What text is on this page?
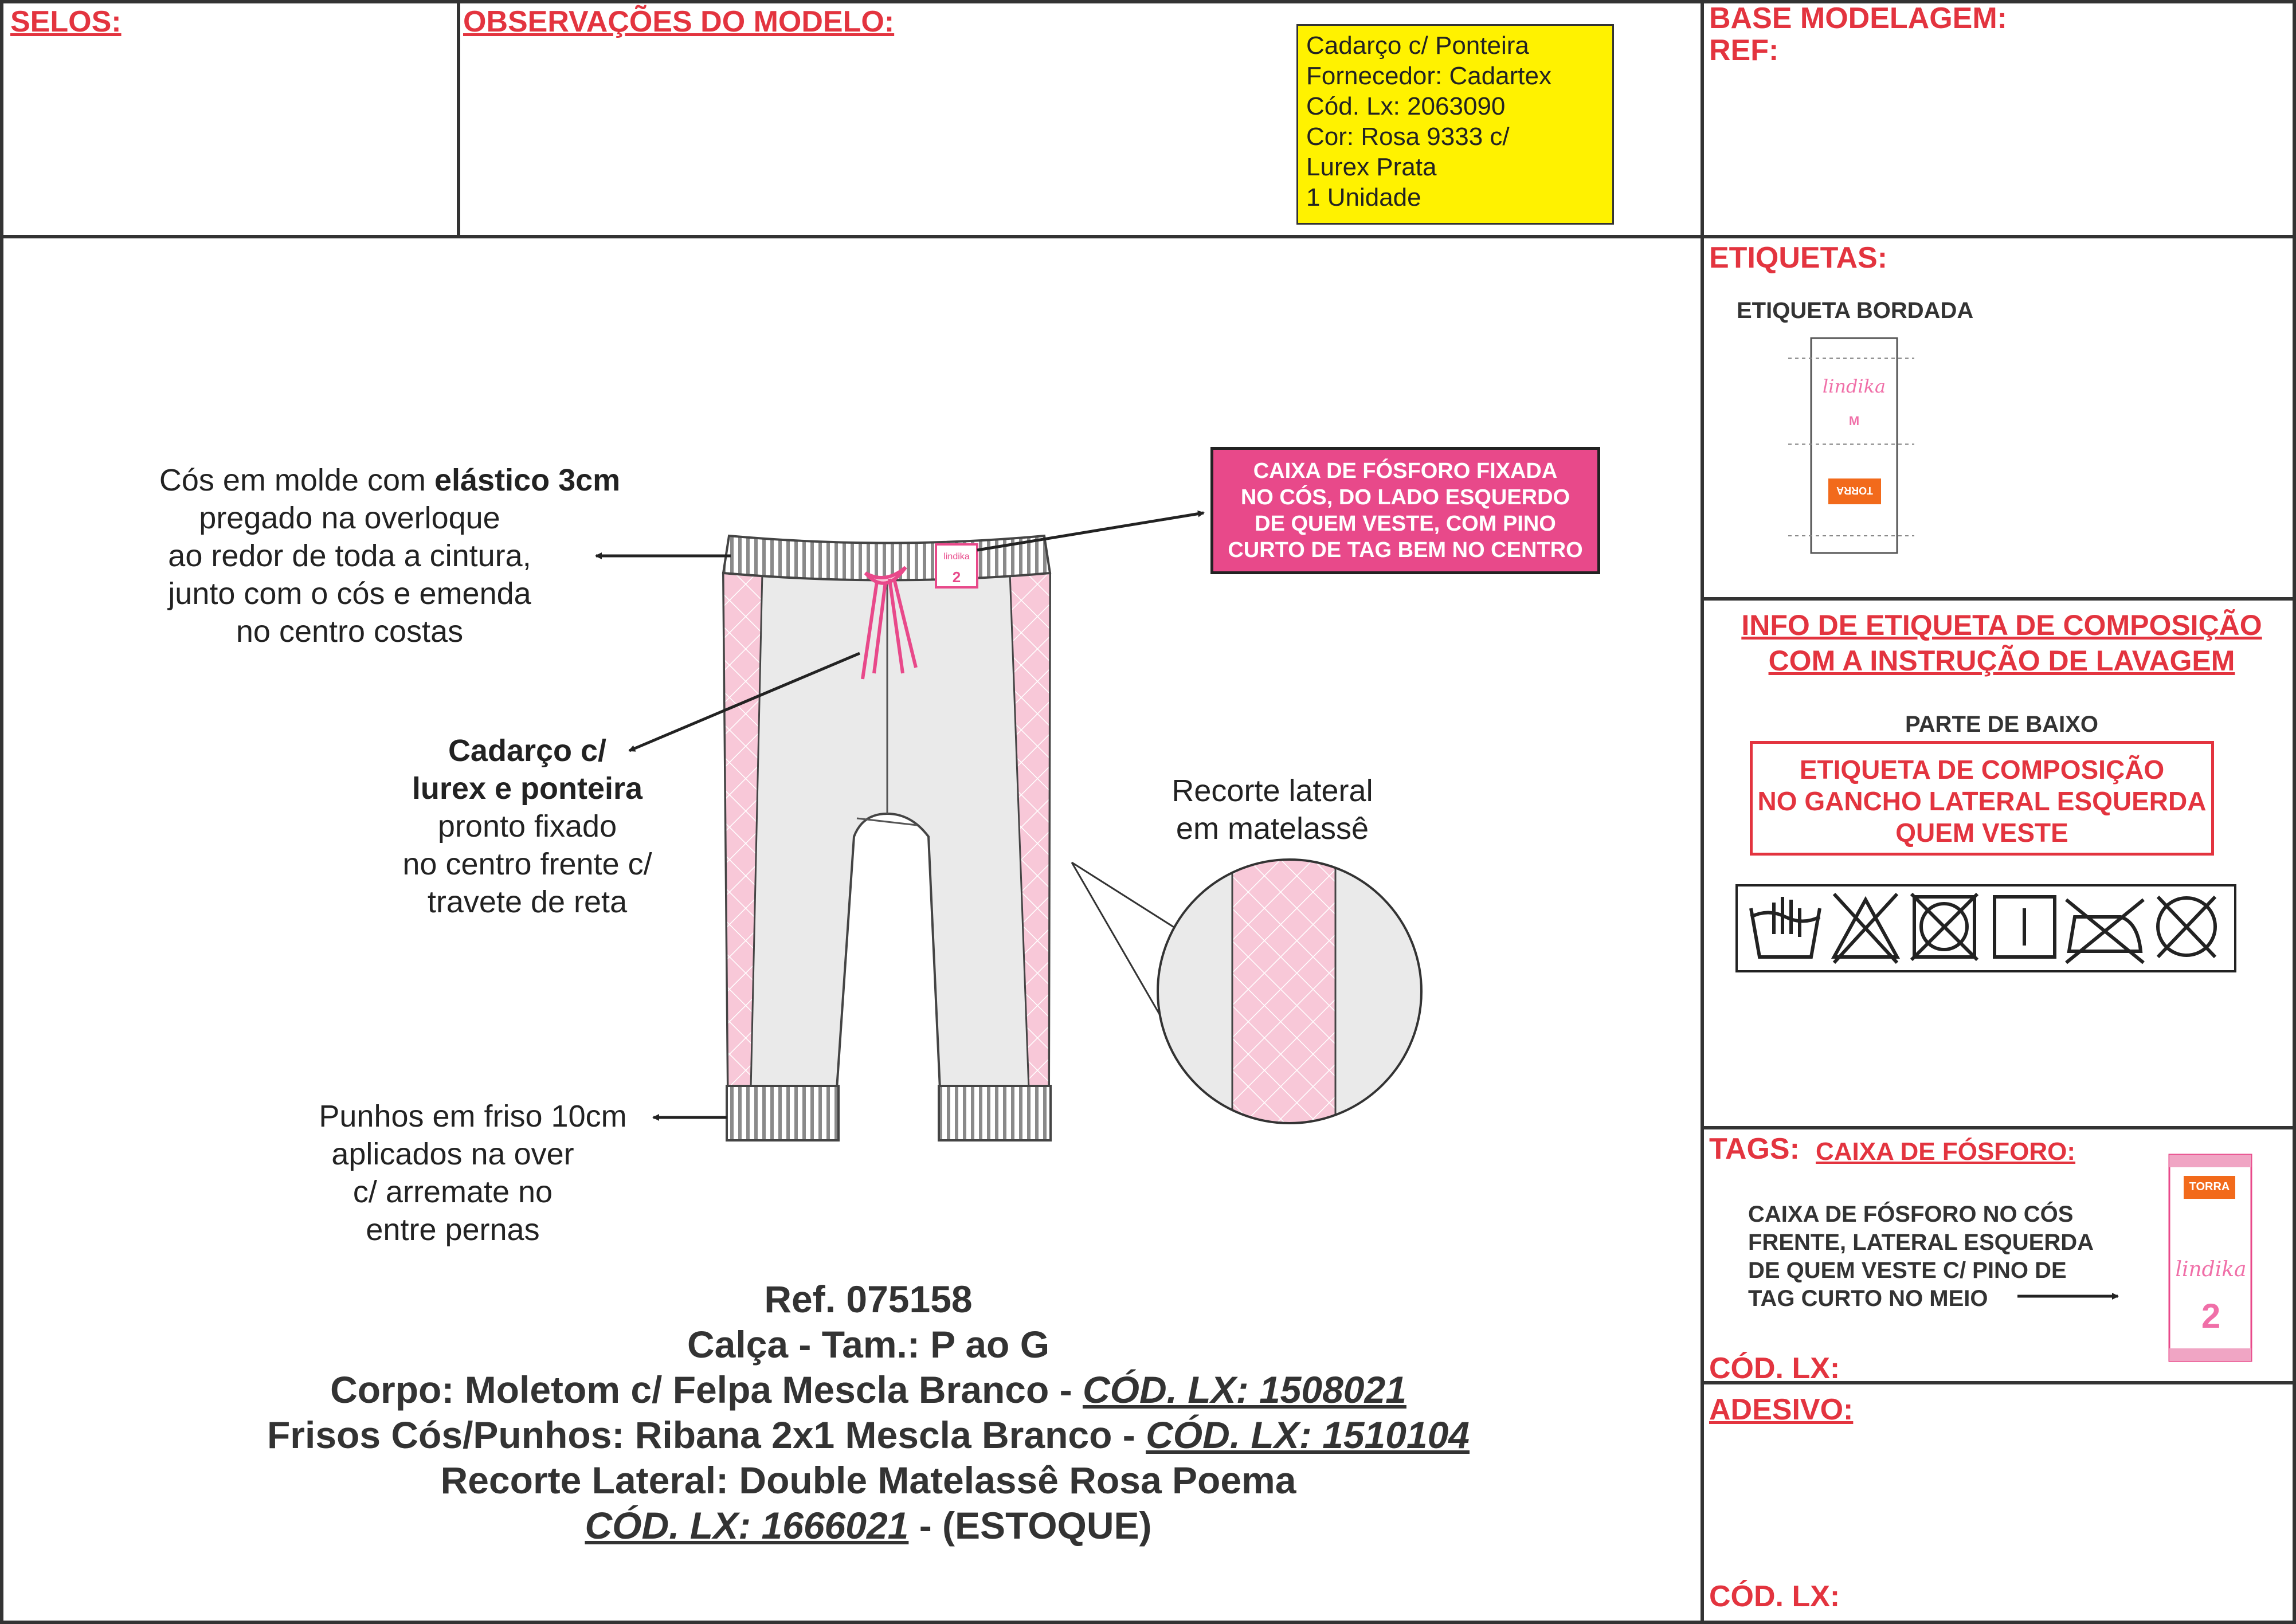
lindika
2
SELOS:	OBSERVAÇÕES DO MODELO:	BASE MODELAGEM:
REF:
Cadarço c/ Ponteira
Fornecedor: Cadartex
Cód. Lx: 2063090
Cor: Rosa 9333 c/
Lurex Prata
1 Unidade
CAIXA DE FÓSFORO FIXADA
NO CÓS, DO LADO ESQUERDO
DE QUEM VESTE, COM PINO
CURTO DE TAG BEM NO CENTRO
Cós em molde com elástico 3cm
pregado na overloque
ao redor de toda a cintura,
junto com o cós e emenda
no centro costas
Cadarço c/
lurex e ponteira
pronto fixado
no centro frente c/
travete de reta
Recorte lateral
em matelassê
Punhos em friso 10cm
aplicados na over
c/ arremate no
entre pernas
Ref. 075158
Calça - Tam.: P ao G
Corpo: Moletom c/ Felpa Mescla Branco - CÓD. LX: 1508021
Frisos Cós/Punhos: Ribana 2x1 Mescla Branco - CÓD. LX: 1510104
Recorte Lateral: Double Matelassê Rosa Poema
CÓD. LX: 1666021 - (ESTOQUE)
ETIQUETAS:
ETIQUETA BORDADA
lindika
M
TORRA
INFO DE ETIQUETA DE COMPOSIÇÃO
COM A INSTRUÇÃO DE LAVAGEM
PARTE DE BAIXO
ETIQUETA DE COMPOSIÇÃO
NO GANCHO LATERAL ESQUERDA
QUEM VESTE
TAGS: CAIXA DE FÓSFORO:
CAIXA DE FÓSFORO NO CÓS
FRENTE, LATERAL ESQUERDA
DE QUEM VESTE C/ PINO DE
TAG CURTO NO MEIO
TORRA
lindika
2
CÓD. LX:
ADESIVO:
CÓD. LX:
